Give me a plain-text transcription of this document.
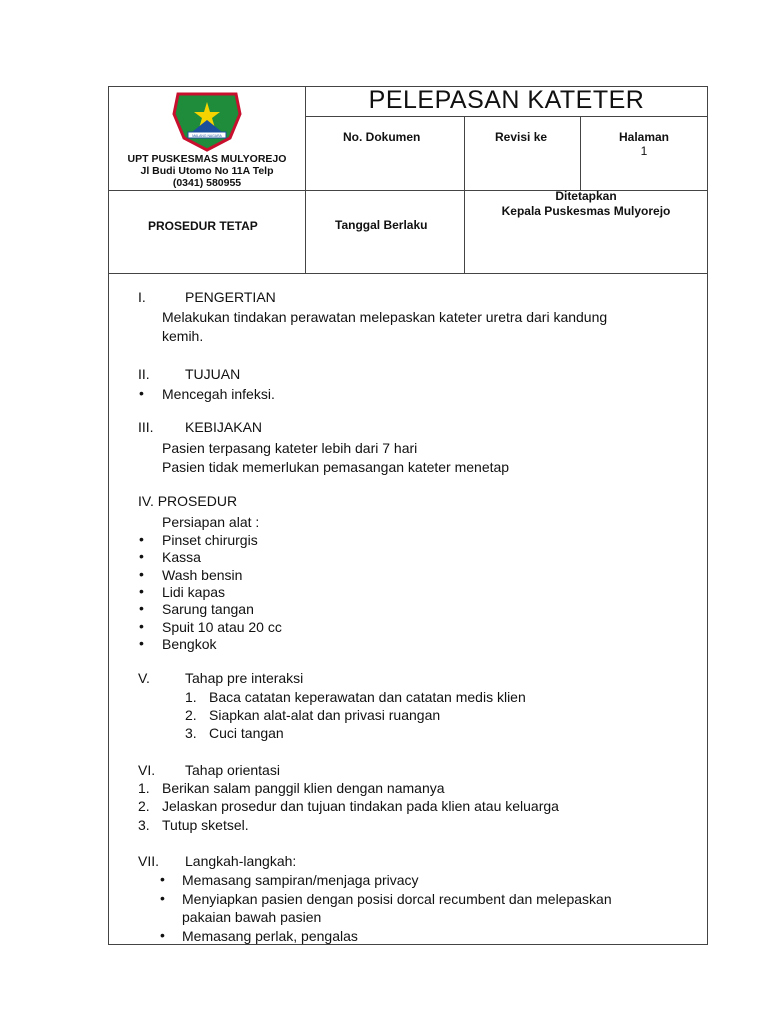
MALANG NAGARA
UPT PUSKESMAS MULYOREJO
Jl Budi Utomo No 11A Telp
(0341) 580955
PELEPASAN KATETER
No. Dokumen	Revisi ke	Halaman
1
PROSEDUR TETAP	Tanggal Berlaku
Ditetapkan
Kepala Puskesmas Mulyorejo
I.	PENGERTIAN
Melakukan tindakan perawatan melepaskan kateter uretra dari kandung
kemih.
II.	TUJUAN
• Mencegah infeksi.
III. KEBIJAKAN
Pasien terpasang kateter lebih dari 7 hari
Pasien tidak memerlukan pemasangan kateter menetap
IV. PROSEDUR
Persiapan alat :
• Pinset chirurgis
• Kassa
• Wash bensin
• Lidi kapas
• Sarung tangan
• Spuit 10 atau 20 cc
• Bengkok
V.	Tahap pre interaksi
1. Baca catatan keperawatan dan catatan medis klien
2. Siapkan alat-alat dan privasi ruangan
3. Cuci tangan
VI. Tahap orientasi
1. Berikan salam panggil klien dengan namanya
2. Jelaskan prosedur dan tujuan tindakan pada klien atau keluarga
3. Tutup sketsel.
VII. Langkah-langkah:
• Memasang sampiran/menjaga privacy
• Menyiapkan pasien dengan posisi dorcal recumbent dan melepaskan
pakaian bawah pasien
• Memasang perlak, pengalas
